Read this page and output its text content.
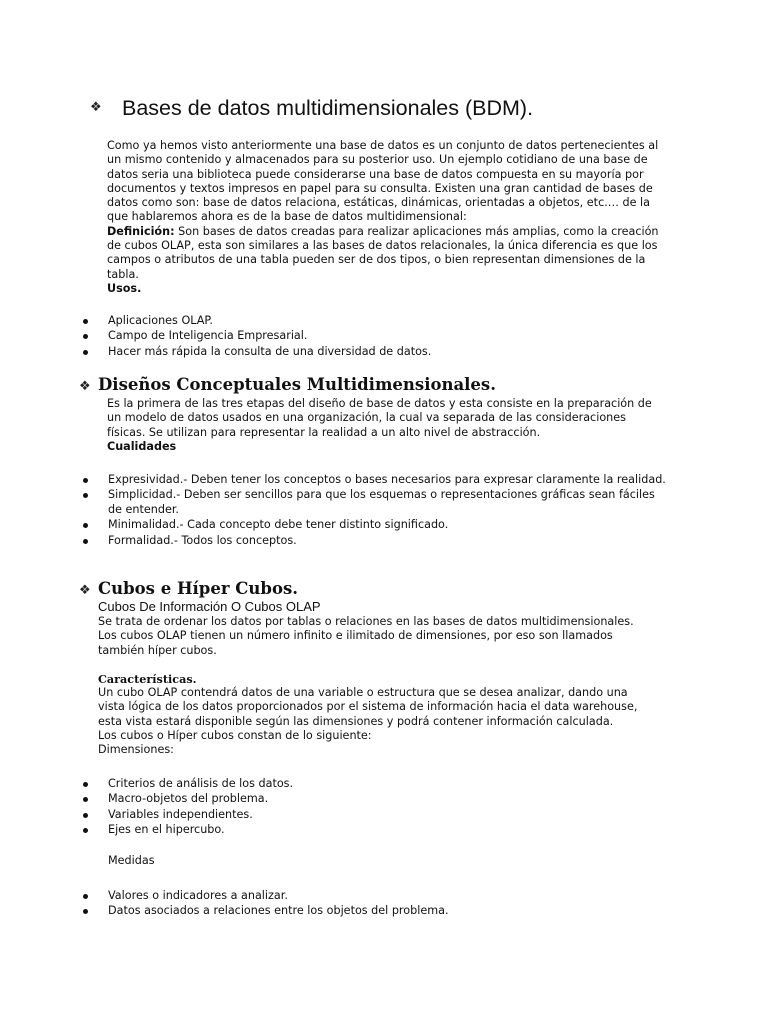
❖ Bases de datos multidimensionales (BDM).
Como ya hemos visto anteriormente una base de datos es un conjunto de datos pertenecientes al un mismo contenido y almacenados para su posterior uso. Un ejemplo cotidiano de una base de datos seria una biblioteca puede considerarse una base de datos compuesta en su mayoría por documentos y textos impresos en papel para su consulta. Existen una gran cantidad de bases de datos como son: base de datos relaciona, estáticas, dinámicas, orientadas a objetos, etc.… de la que hablaremos ahora es de la base de datos multidimensional:
Definición: Son bases de datos creadas para realizar aplicaciones más amplias, como la creación de cubos OLAP, esta son similares a las bases de datos relacionales, la única diferencia es que los campos o atributos de una tabla pueden ser de dos tipos, o bien representan dimensiones de la tabla.
Usos.
Aplicaciones OLAP.
Campo de Inteligencia Empresarial.
Hacer más rápida la consulta de una diversidad de datos.
❖ Diseños Conceptuales Multidimensionales.
Es la primera de las tres etapas del diseño de base de datos y esta consiste en la preparación de un modelo de datos usados en una organización, la cual va separada de las consideraciones físicas. Se utilizan para representar la realidad a un alto nivel de abstracción.
Cualidades
Expresividad.- Deben tener los conceptos o bases necesarios para expresar claramente la realidad.
Simplicidad.- Deben ser sencillos para que los esquemas o representaciones gráficas sean fáciles de entender.
Minimalidad.- Cada concepto debe tener distinto significado.
Formalidad.- Todos los conceptos.
❖ Cubos e Híper Cubos.
Cubos De Información O Cubos OLAP
Se trata de ordenar los datos por tablas o relaciones en las bases de datos multidimensionales. Los cubos OLAP tienen un número infinito e ilimitado de dimensiones, por eso son llamados también híper cubos.
Características.
Un cubo OLAP contendrá datos de una variable o estructura que se desea analizar, dando una vista lógica de los datos proporcionados por el sistema de información hacia el data warehouse, esta vista estará disponible según las dimensiones y podrá contener información calculada.
Los cubos o Híper cubos constan de lo siguiente:
Dimensiones:
Criterios de análisis de los datos.
Macro-objetos del problema.
Variables independientes.
Ejes en el hipercubo.
Medidas
Valores o indicadores a analizar.
Datos asociados a relaciones entre los objetos del problema.
